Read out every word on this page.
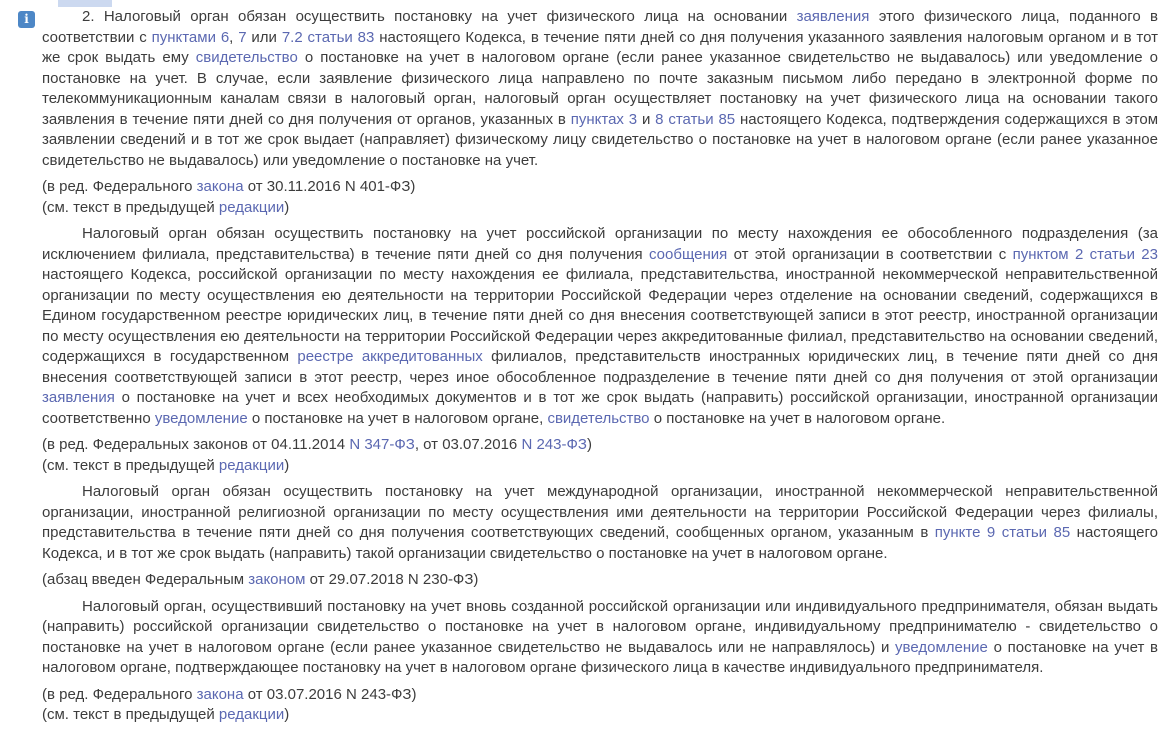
i	2. Налоговый орган обязан осуществить постановку на учет физического лица на основании заявления этого физического лица, поданного в соответствии с пунктами 6, 7 или 7.2 статьи 83 настоящего Кодекса, в течение пяти дней со дня получения указанного заявления налоговым органом и в тот же срок выдать ему свидетельство о постановке на учет в налоговом органе (если ранее указанное свидетельство не выдавалось) или уведомление о постановке на учет. В случае, если заявление физического лица направлено по почте заказным письмом либо передано в электронной форме по телекоммуникационным каналам связи в налоговый орган, налоговый орган осуществляет постановку на учет физического лица на основании такого заявления в течение пяти дней со дня получения от органов, указанных в пунктах 3 и 8 статьи 85 настоящего Кодекса, подтверждения содержащихся в этом заявлении сведений и в тот же срок выдает (направляет) физическому лицу свидетельство о постановке на учет в налоговом органе (если ранее указанное свидетельство не выдавалось) или уведомление о постановке на учет.

(в ред. Федерального закона от 30.11.2016 N 401-ФЗ)

(см. текст в предыдущей редакции)

Налоговый орган обязан осуществить постановку на учет российской организации по месту нахождения ее обособленного подразделения (за исключением филиала, представительства) в течение пяти дней со дня получения сообщения от этой организации в соответствии с пунктом 2 статьи 23 настоящего Кодекса, российской организации по месту нахождения ее филиала, представительства, иностранной некоммерческой неправительственной организации по месту осуществления ею деятельности на территории Российской Федерации через отделение на основании сведений, содержащихся в Едином государственном реестре юридических лиц, в течение пяти дней со дня внесения соответствующей записи в этот реестр, иностранной организации по месту осуществления ею деятельности на территории Российской Федерации через аккредитованные филиал, представительство на основании сведений, содержащихся в государственном реестре аккредитованных филиалов, представительств иностранных юридических лиц, в течение пяти дней со дня внесения соответствующей записи в этот реестр, через иное обособленное подразделение в течение пяти дней со дня получения от этой организации заявления о постановке на учет и всех необходимых документов и в тот же срок выдать (направить) российской организации, иностранной организации соответственно уведомление о постановке на учет в налоговом органе, свидетельство о постановке на учет в налоговом органе.

(в ред. Федеральных законов от 04.11.2014 N 347-ФЗ, от 03.07.2016 N 243-ФЗ)

(см. текст в предыдущей редакции)

Налоговый орган обязан осуществить постановку на учет международной организации, иностранной некоммерческой неправительственной организации, иностранной религиозной организации по месту осуществления ими деятельности на территории Российской Федерации через филиалы, представительства в течение пяти дней со дня получения соответствующих сведений, сообщенных органом, указанным в пункте 9 статьи 85 настоящего Кодекса, и в тот же срок выдать (направить) такой организации свидетельство о постановке на учет в налоговом органе.

(абзац введен Федеральным законом от 29.07.2018 N 230-ФЗ)

Налоговый орган, осуществивший постановку на учет вновь созданной российской организации или индивидуального предпринимателя, обязан выдать (направить) российской организации свидетельство о постановке на учет в налоговом органе, индивидуальному предпринимателю - свидетельство о постановке на учет в налоговом органе (если ранее указанное свидетельство не выдавалось или не направлялось) и уведомление о постановке на учет в налоговом органе, подтверждающее постановку на учет в налоговом органе физического лица в качестве индивидуального предпринимателя.

(в ред. Федерального закона от 03.07.2016 N 243-ФЗ)

(см. текст в предыдущей редакции)
